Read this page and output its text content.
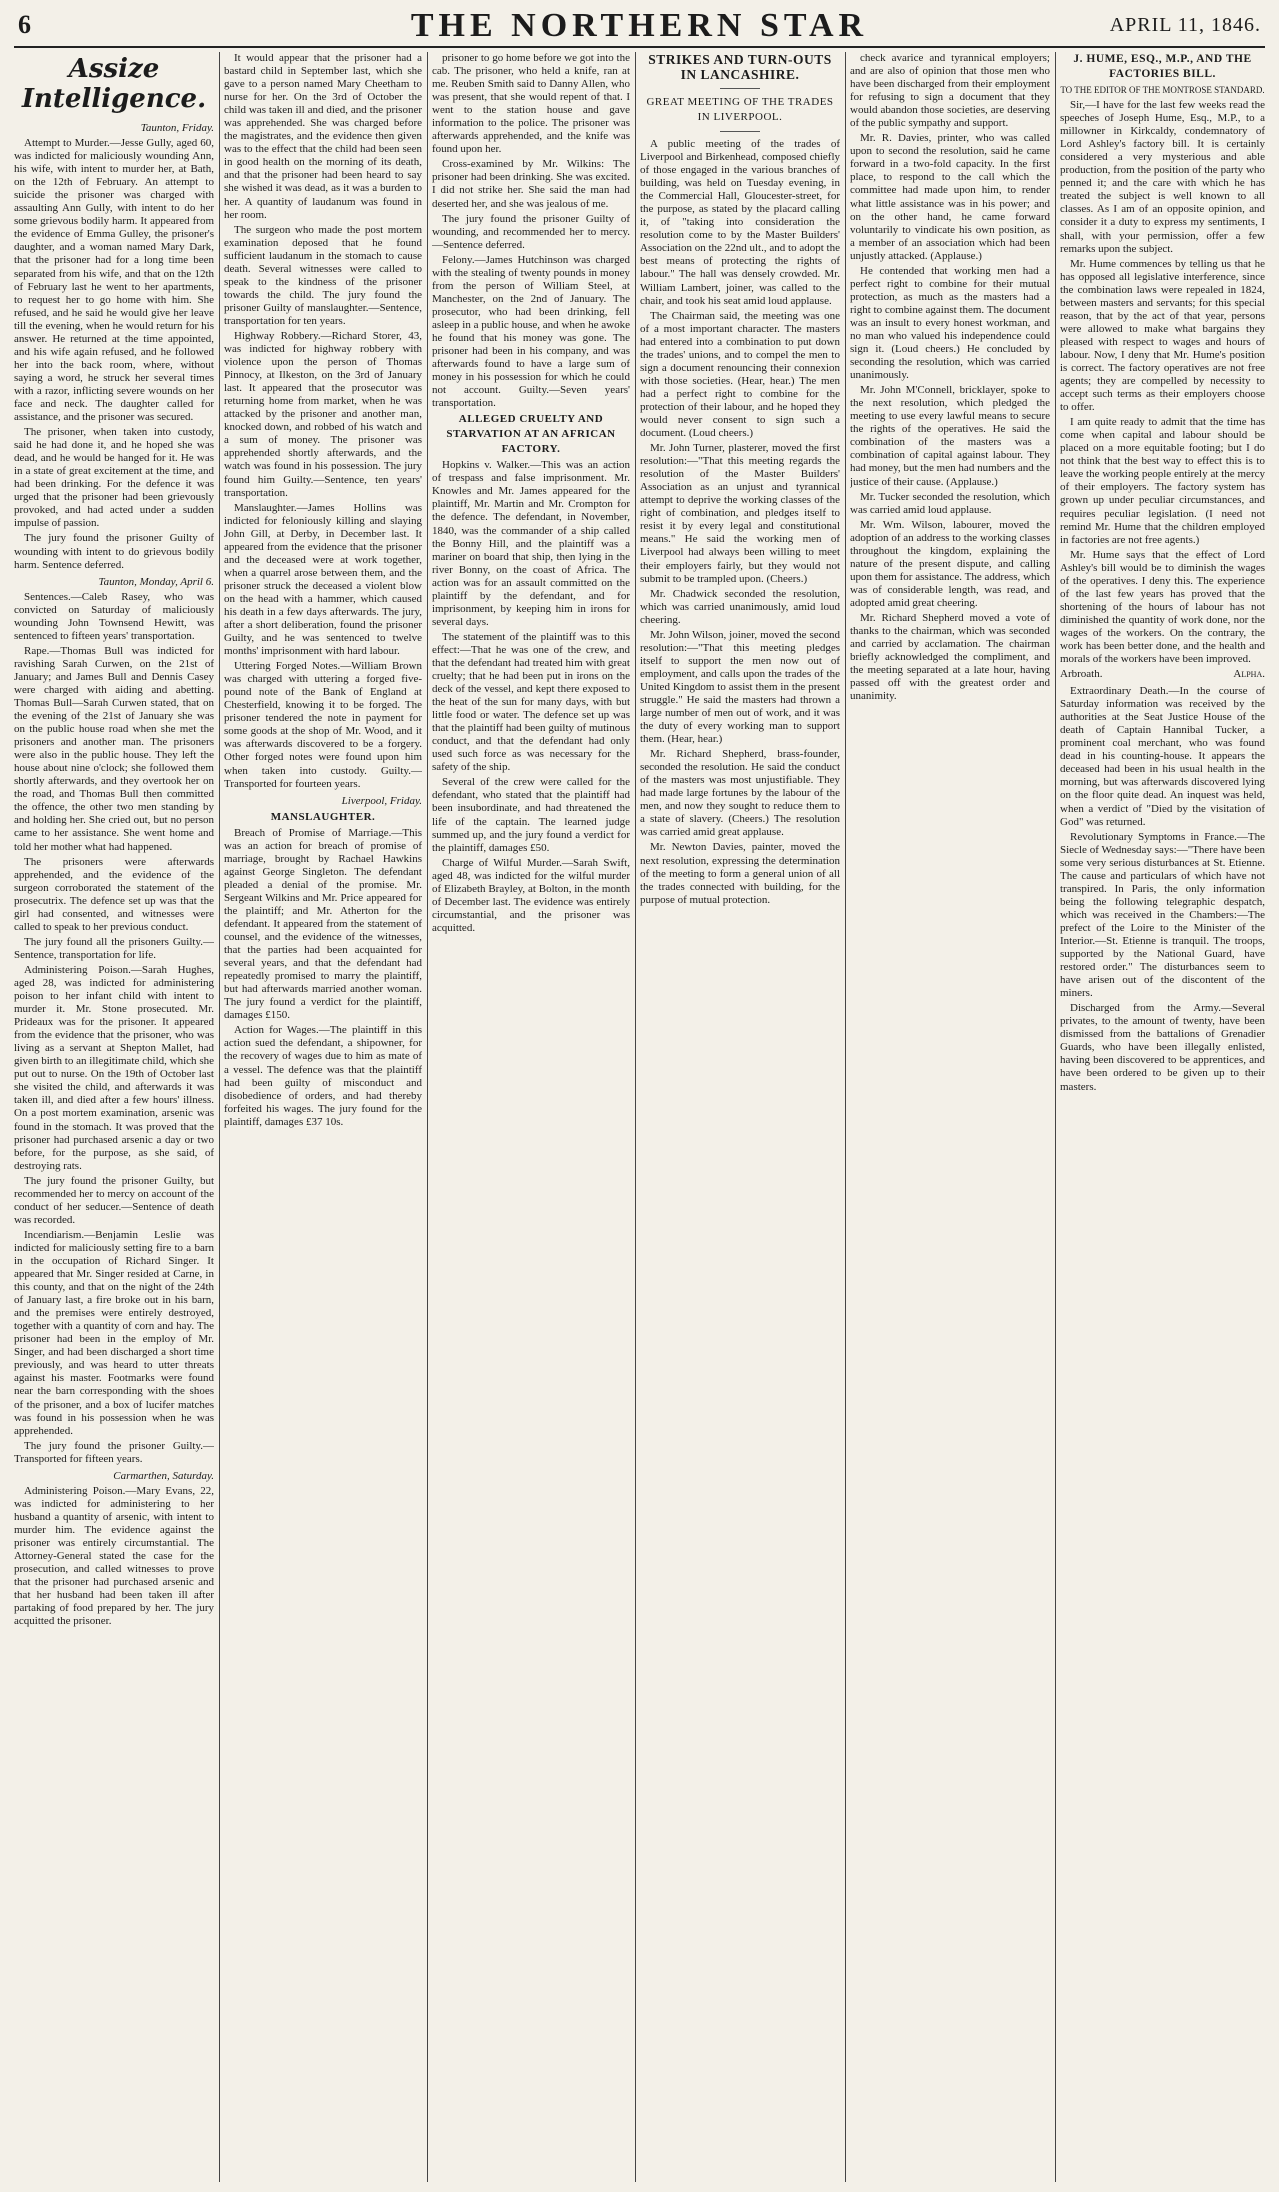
6	THE NORTHERN STAR	APRIL 11, 1846.
Assize Intelligence.
Taunton, Friday.

Attempt to Murder.—Jesse Gully, aged 60, was indicted for maliciously wounding Ann, his wife, with intent to murder her, at Bath, on the 12th of February. An attempt to suicide the prisoner was charged with assaulting Ann Gully, with intent to do her some grievous bodily harm. It appeared from the evidence of Emma Gulley, the prisoner's daughter, and a woman named Mary Dark, that the prisoner had for a long time been separated from his wife, and that on the 12th of February last he went to her apartments, to request her to go home with him. She refused, and he said he would give her leave till the evening, when he would return for his answer. He returned at the time appointed, and his wife again refused, and he followed her into the back room, where, without saying a word, he struck her several times with a razor, inflicting severe wounds on her face and neck. The daughter called for assistance, and the prisoner was secured.

The prisoner, when taken into custody, said he had done it, and he hoped she was dead, and he would be hanged for it. He was in a state of great excitement at the time, and had been drinking. For the defence it was urged that the prisoner had been grievously provoked, and had acted under a sudden impulse of passion.

The jury found the prisoner Guilty of wounding with intent to do grievous bodily harm. Sentence deferred.

Taunton, Monday, April 6.

Sentences.—Caleb Rasey, who was convicted on Saturday of maliciously wounding John Townsend Hewitt, was sentenced to fifteen years' transportation.

Rape.—Thomas Bull was indicted for ravishing Sarah Curwen, on the 21st of January; and James Bull and Dennis Casey were charged with aiding and abetting. Thomas Bull—Sarah Curwen stated, that on the evening of the 21st of January she was on the public house road when she met the prisoners and another man. The prisoners were also in the public house. They left the house about nine o'clock; she followed them shortly afterwards, and they overtook her on the road, and Thomas Bull then committed the offence, the other two men standing by and holding her. She cried out, but no person came to her assistance. She went home and told her mother what had happened.

The prisoners were afterwards apprehended, and the evidence of the surgeon corroborated the statement of the prosecutrix. The defence set up was that the girl had consented, and witnesses were called to speak to her previous conduct.

The jury found all the prisoners Guilty.—Sentence, transportation for life.

Administering Poison.—Sarah Hughes, aged 28, was indicted for administering poison to her infant child with intent to murder it. Mr. Stone prosecuted. Mr. Prideaux was for the prisoner. It appeared from the evidence that the prisoner, who was living as a servant at Shepton Mallet, had given birth to an illegitimate child, which she put out to nurse. On the 19th of October last she visited the child, and afterwards it was taken ill, and died after a few hours' illness. On a post mortem examination, arsenic was found in the stomach. It was proved that the prisoner had purchased arsenic a day or two before, for the purpose, as she said, of destroying rats.

The jury found the prisoner Guilty, but recommended her to mercy on account of the conduct of her seducer.—Sentence of death was recorded.

Incendiarism.—Benjamin Leslie was indicted for maliciously setting fire to a barn in the occupation of Richard Singer. It appeared that Mr. Singer resided at Carne, in this county, and that on the night of the 24th of January last, a fire broke out in his barn, and the premises were entirely destroyed, together with a quantity of corn and hay. The prisoner had been in the employ of Mr. Singer, and had been discharged a short time previously, and was heard to utter threats against his master. Footmarks were found near the barn corresponding with the shoes of the prisoner, and a box of lucifer matches was found in his possession when he was apprehended.

The jury found the prisoner Guilty.—Transported for fifteen years.

Carmarthen, Saturday.

Administering Poison.—Mary Evans, 22, was indicted for administering to her husband a quantity of arsenic, with intent to murder him. The evidence against the prisoner was entirely circumstantial. The Attorney-General stated the case for the prosecution, and called witnesses to prove that the prisoner had purchased arsenic and that her husband had been taken ill after partaking of food prepared by her. The jury acquitted the prisoner.

It would appear that the prisoner had a bastard child in September last, which she gave to a person named Mary Cheetham to nurse for her. On the 3rd of October the child was taken ill and died, and the prisoner was apprehended. She was charged before the magistrates, and the evidence then given was to the effect that the child had been seen in good health on the morning of its death, and that the prisoner had been heard to say she wished it was dead, as it was a burden to her. A quantity of laudanum was found in her room.

The surgeon who made the post mortem examination deposed that he found sufficient laudanum in the stomach to cause death. Several witnesses were called to speak to the kindness of the prisoner towards the child. The jury found the prisoner Guilty of manslaughter.—Sentence, transportation for ten years.

Highway Robbery.—Richard Storer, 43, was indicted for highway robbery with violence upon the person of Thomas Pinnocy, at Ilkeston, on the 3rd of January last. It appeared that the prosecutor was returning home from market, when he was attacked by the prisoner and another man, knocked down, and robbed of his watch and a sum of money. The prisoner was apprehended shortly afterwards, and the watch was found in his possession. The jury found him Guilty.—Sentence, ten years' transportation.

Manslaughter.—James Hollins was indicted for feloniously killing and slaying John Gill, at Derby, in December last. It appeared from the evidence that the prisoner and the deceased were at work together, when a quarrel arose between them, and the prisoner struck the deceased a violent blow on the head with a hammer, which caused his death in a few days afterwards. The jury, after a short deliberation, found the prisoner Guilty, and he was sentenced to twelve months' imprisonment with hard labour.

Uttering Forged Notes.—William Brown was charged with uttering a forged five-pound note of the Bank of England at Chesterfield, knowing it to be forged. The prisoner tendered the note in payment for some goods at the shop of Mr. Wood, and it was afterwards discovered to be a forgery. Other forged notes were found upon him when taken into custody. Guilty.—Transported for fourteen years.

Liverpool, Friday.
MANSLAUGHTER.

Breach of Promise of Marriage.—This was an action for breach of promise of marriage, brought by Rachael Hawkins against George Singleton. The defendant pleaded a denial of the promise. Mr. Sergeant Wilkins and Mr. Price appeared for the plaintiff; and Mr. Atherton for the defendant. It appeared from the statement of counsel, and the evidence of the witnesses, that the parties had been acquainted for several years, and that the defendant had repeatedly promised to marry the plaintiff, but had afterwards married another woman. The jury found a verdict for the plaintiff, damages £150.

Action for Wages.—The plaintiff in this action sued the defendant, a shipowner, for the recovery of wages due to him as mate of a vessel. The defence was that the plaintiff had been guilty of misconduct and disobedience of orders, and had thereby forfeited his wages. The jury found for the plaintiff, damages £37 10s.

prisoner to go home before we got into the cab. The prisoner, who held a knife, ran at me. Reuben Smith said to Danny Allen, who was present, that she would repent of that. I went to the station house and gave information to the police. The prisoner was afterwards apprehended, and the knife was found upon her.

Cross-examined by Mr. Wilkins: The prisoner had been drinking. She was excited. I did not strike her. She said the man had deserted her, and she was jealous of me.

The jury found the prisoner Guilty of wounding, and recommended her to mercy.—Sentence deferred.

Felony.—James Hutchinson was charged with the stealing of twenty pounds in money from the person of William Steel, at Manchester, on the 2nd of January. The prosecutor, who had been drinking, fell asleep in a public house, and when he awoke he found that his money was gone. The prisoner had been in his company, and was afterwards found to have a large sum of money in his possession for which he could not account. Guilty.—Seven years' transportation.

ALLEGED CRUELTY AND STARVATION AT AN AFRICAN FACTORY.

Hopkins v. Walker.—This was an action of trespass and false imprisonment. Mr. Knowles and Mr. James appeared for the plaintiff, Mr. Martin and Mr. Crompton for the defence. The defendant, in November, 1840, was the commander of a ship called the Bonny Hill, and the plaintiff was a mariner on board that ship, then lying in the river Bonny, on the coast of Africa. The action was for an assault committed on the plaintiff by the defendant, and for imprisonment, by keeping him in irons for several days.

The statement of the plaintiff was to this effect:—That he was one of the crew, and that the defendant had treated him with great cruelty; that he had been put in irons on the deck of the vessel, and kept there exposed to the heat of the sun for many days, with but little food or water. The defence set up was that the plaintiff had been guilty of mutinous conduct, and that the defendant had only used such force as was necessary for the safety of the ship.

Several of the crew were called for the defendant, who stated that the plaintiff had been insubordinate, and had threatened the life of the captain. The learned judge summed up, and the jury found a verdict for the plaintiff, damages £50.

Charge of Wilful Murder.—Sarah Swift, aged 48, was indicted for the wilful murder of Elizabeth Brayley, at Bolton, in the month of December last. The evidence was entirely circumstantial, and the prisoner was acquitted.

STRIKES AND TURN-OUTS IN LANCASHIRE.
GREAT MEETING OF THE TRADES IN LIVERPOOL.

A public meeting of the trades of Liverpool and Birkenhead, composed chiefly of those engaged in the various branches of building, was held on Tuesday evening, in the Commercial Hall, Gloucester-street, for the purpose, as stated by the placard calling it, of "taking into consideration the resolution come to by the Master Builders' Association on the 22nd ult., and to adopt the best means of protecting the rights of labour." The hall was densely crowded. Mr. William Lambert, joiner, was called to the chair, and took his seat amid loud applause.

The Chairman said, the meeting was one of a most important character. The masters had entered into a combination to put down the trades' unions, and to compel the men to sign a document renouncing their connexion with those societies. (Hear, hear.) The men had a perfect right to combine for the protection of their labour, and he hoped they would never consent to sign such a document. (Loud cheers.)

Mr. John Turner, plasterer, moved the first resolution:—"That this meeting regards the resolution of the Master Builders' Association as an unjust and tyrannical attempt to deprive the working classes of the right of combination, and pledges itself to resist it by every legal and constitutional means." He said the working men of Liverpool had always been willing to meet their employers fairly, but they would not submit to be trampled upon. (Cheers.)

Mr. Chadwick seconded the resolution, which was carried unanimously, amid loud cheering.

Mr. John Wilson, joiner, moved the second resolution:—"That this meeting pledges itself to support the men now out of employment, and calls upon the trades of the United Kingdom to assist them in the present struggle." He said the masters had thrown a large number of men out of work, and it was the duty of every working man to support them. (Hear, hear.)

Mr. Richard Shepherd, brass-founder, seconded the resolution. He said the conduct of the masters was most unjustifiable. They had made large fortunes by the labour of the men, and now they sought to reduce them to a state of slavery. (Cheers.) The resolution was carried amid great applause.

Mr. Newton Davies, painter, moved the next resolution, expressing the determination of the meeting to form a general union of all the trades connected with building, for the purpose of mutual protection.

check avarice and tyrannical employers; and are also of opinion that those men who have been discharged from their employment for refusing to sign a document that they would abandon those societies, are deserving of the public sympathy and support.

Mr. R. Davies, printer, who was called upon to second the resolution, said he came forward in a two-fold capacity. In the first place, to respond to the call which the committee had made upon him, to render what little assistance was in his power; and on the other hand, he came forward voluntarily to vindicate his own position, as a member of an association which had been unjustly attacked. (Applause.)

He contended that working men had a perfect right to combine for their mutual protection, as much as the masters had a right to combine against them. The document was an insult to every honest workman, and no man who valued his independence could sign it. (Loud cheers.) He concluded by seconding the resolution, which was carried unanimously.

Mr. John M'Connell, bricklayer, spoke to the next resolution, which pledged the meeting to use every lawful means to secure the rights of the operatives. He said the combination of the masters was a combination of capital against labour. They had money, but the men had numbers and the justice of their cause. (Applause.)

Mr. Tucker seconded the resolution, which was carried amid loud applause.

Mr. Wm. Wilson, labourer, moved the adoption of an address to the working classes throughout the kingdom, explaining the nature of the present dispute, and calling upon them for assistance. The address, which was of considerable length, was read, and adopted amid great cheering.

Mr. Richard Shepherd moved a vote of thanks to the chairman, which was seconded and carried by acclamation. The chairman briefly acknowledged the compliment, and the meeting separated at a late hour, having passed off with the greatest order and unanimity.

J. HUME, ESQ., M.P., AND THE FACTORIES BILL.
TO THE EDITOR OF THE MONTROSE STANDARD.

Sir,—I have for the last few weeks read the speeches of Joseph Hume, Esq., M.P., to a millowner in Kirkcaldy, condemnatory of Lord Ashley's factory bill. It is certainly considered a very mysterious and able production, from the position of the party who penned it; and the care with which he has treated the subject is well known to all classes. As I am of an opposite opinion, and consider it a duty to express my sentiments, I shall, with your permission, offer a few remarks upon the subject.

Mr. Hume commences by telling us that he has opposed all legislative interference, since the combination laws were repealed in 1824, between masters and servants; for this special reason, that by the act of that year, persons were allowed to make what bargains they pleased with respect to wages and hours of labour. Now, I deny that Mr. Hume's position is correct. The factory operatives are not free agents; they are compelled by necessity to accept such terms as their employers choose to offer.

I am quite ready to admit that the time has come when capital and labour should be placed on a more equitable footing; but I do not think that the best way to effect this is to leave the working people entirely at the mercy of their employers. The factory system has grown up under peculiar circumstances, and requires peculiar legislation. (I need not remind Mr. Hume that the children employed in factories are not free agents.)

Mr. Hume says that the effect of Lord Ashley's bill would be to diminish the wages of the operatives. I deny this. The experience of the last few years has proved that the shortening of the hours of labour has not diminished the quantity of work done, nor the wages of the workers. On the contrary, the work has been better done, and the health and morals of the workers have been improved.

Arbroath.	Alpha.

Extraordinary Death.—In the course of Saturday information was received by the authorities at the Seat Justice House of the death of Captain Hannibal Tucker, a prominent coal merchant, who was found dead in his counting-house. It appears the deceased had been in his usual health in the morning, but was afterwards discovered lying on the floor quite dead. An inquest was held, when a verdict of "Died by the visitation of God" was returned.

Revolutionary Symptoms in France.—The Siecle of Wednesday says:—"There have been some very serious disturbances at St. Etienne. The cause and particulars of which have not transpired. In Paris, the only information being the following telegraphic despatch, which was received in the Chambers:—The prefect of the Loire to the Minister of the Interior.—St. Etienne is tranquil. The troops, supported by the National Guard, have restored order." The disturbances seem to have arisen out of the discontent of the miners.

Discharged from the Army.—Several privates, to the amount of twenty, have been dismissed from the battalions of Grenadier Guards, who have been illegally enlisted, having been discovered to be apprentices, and have been ordered to be given up to their masters.
